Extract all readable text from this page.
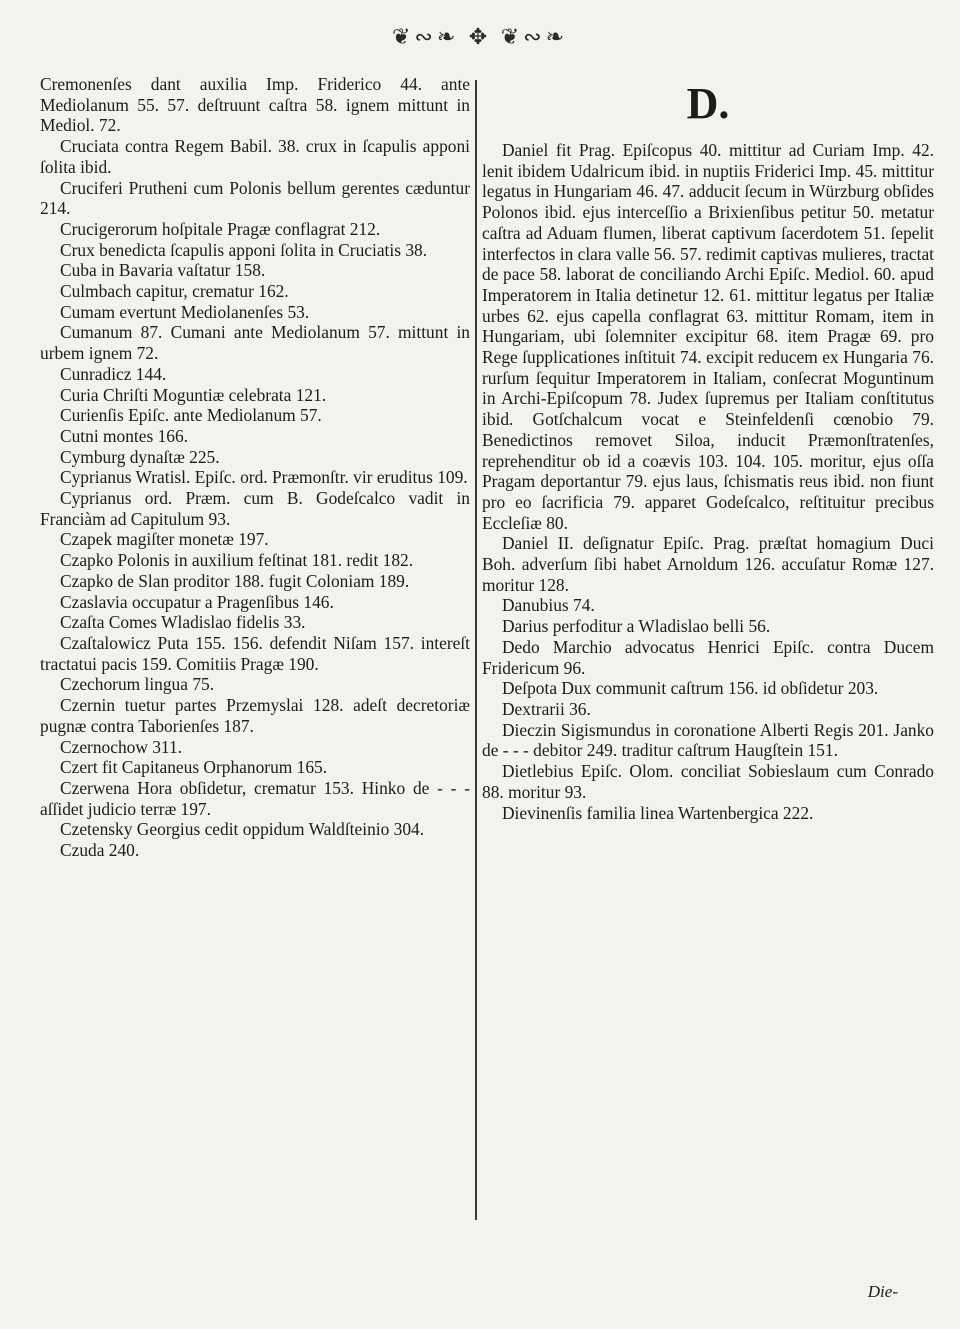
❦∾❧ ✥ ❦∾❧

Cremonenſes dant auxilia Imp. Friderico 44. ante Mediolanum 55. 57. deſtruunt caſtra 58. ignem mittunt in Mediol. 72.

Cruciata contra Regem Babil. 38. crux in ſcapulis apponi ſolita ibid.

Cruciferi Prutheni cum Polonis bellum gerentes cæduntur 214.

Crucigerorum hoſpitale Pragæ conflagrat 212.

Crux benedicta ſcapulis apponi ſolita in Cruciatis 38.

Cuba in Bavaria vaſtatur 158.

Culmbach capitur, crematur 162.

Cumam evertunt Mediolanenſes 53.

Cumanum 87. Cumani ante Mediolanum 57. mittunt in urbem ignem 72.

Cunradicz 144.

Curia Chriſti Moguntiæ celebrata 121.

Curienſis Epiſc. ante Mediolanum 57.

Cutni montes 166.

Cymburg dynaſtæ 225.

Cyprianus Wratisl. Epiſc. ord. Præmonſtr. vir eruditus 109.

Cyprianus ord. Præm. cum B. Godeſcalco vadit in Franciàm ad Capitulum 93.

Czapek magiſter monetæ 197.

Czapko Polonis in auxilium feſtinat 181. redit 182.

Czapko de Slan proditor 188. fugit Coloniam 189.

Czaslavia occupatur a Pragenſibus 146.

Czaſta Comes Wladislao fidelis 33.

Czaſtalowicz Puta 155. 156. defendit Niſam 157. intereſt tractatui pacis 159. Comitiis Pragæ 190.

Czechorum lingua 75.

Czernin tuetur partes Przemyslai 128. adeſt decretoriæ pugnæ contra Taborienſes 187.

Czernochow 311.

Czert fit Capitaneus Orphanorum 165.

Czerwena Hora obſidetur, crematur 153. Hinko de - - - aſſidet judicio terræ 197.

Czetensky Georgius cedit oppidum Waldſteinio 304.

Czuda 240.

D.

Daniel fit Prag. Epiſcopus 40. mittitur ad Curiam Imp. 42. lenit ibidem Udalricum ibid. in nuptiis Friderici Imp. 45. mittitur legatus in Hungariam 46. 47. adducit ſecum in Würzburg obſides Polonos ibid. ejus interceſſio a Brixienſibus petitur 50. metatur caſtra ad Aduam flumen, liberat captivum ſacerdotem 51. ſepelit interfectos in clara valle 56. 57. redimit captivas mulieres, tractat de pace 58. laborat de conciliando Archi Epiſc. Mediol. 60. apud Imperatorem in Italia detinetur 12. 61. mittitur legatus per Italiæ urbes 62. ejus capella conflagrat 63. mittitur Romam, item in Hungariam, ubi ſolemniter excipitur 68. item Pragæ 69. pro Rege ſupplicationes inſtituit 74. excipit reducem ex Hungaria 76. rurſum ſequitur Imperatorem in Italiam, conſecrat Moguntinum in Archi-Epiſcopum 78. Judex ſupremus per Italiam conſtitutus ibid. Gotſchalcum vocat e Steinfeldenſi cœnobio 79. Benedictinos removet Siloa, inducit Præmonſtratenſes, reprehenditur ob id a coævis 103. 104. 105. moritur, ejus oſſa Pragam deportantur 79. ejus laus, ſchismatis reus ibid. non fiunt pro eo ſacrificia 79. apparet Godeſcalco, reſtituitur precibus Eccleſiæ 80.

Daniel II. deſignatur Epiſc. Prag. præſtat homagium Duci Boh. adverſum ſibi habet Arnoldum 126. accuſatur Romæ 127. moritur 128.

Danubius 74.

Darius perfoditur a Wladislao belli 56.

Dedo Marchio advocatus Henrici Epiſc. contra Ducem Fridericum 96.

Deſpota Dux communit caſtrum 156. id obſidetur 203.

Dextrarii 36.

Dieczin Sigismundus in coronatione Alberti Regis 201. Janko de - - - debitor 249. traditur caſtrum Haugſtein 151.

Dietlebius Epiſc. Olom. conciliat Sobieslaum cum Conrado 88. moritur 93.

Dievinenſis familia linea Wartenbergica 222.

Die-
